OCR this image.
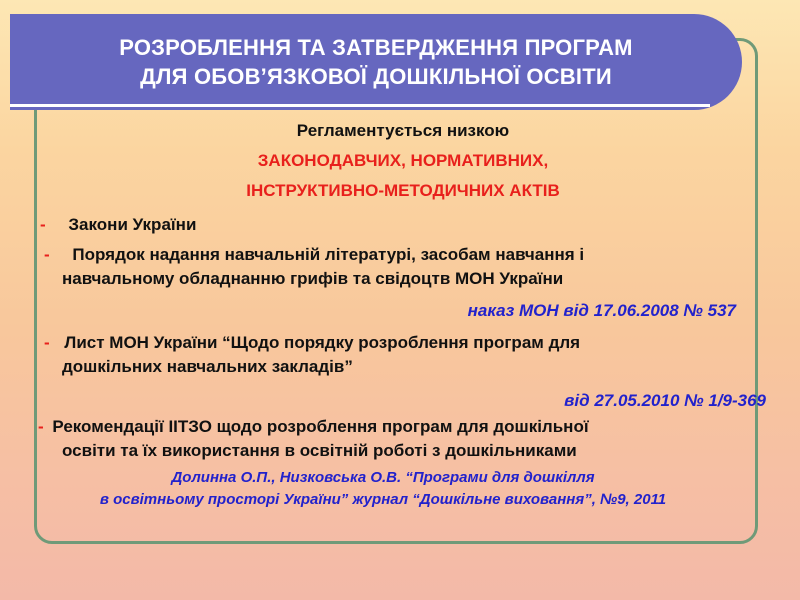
РОЗРОБЛЕННЯ ТА ЗАТВЕРДЖЕННЯ ПРОГРАМ
ДЛЯ ОБОВ’ЯЗКОВОЇ ДОШКІЛЬНОЇ ОСВІТИ
Регламентується низкою
ЗАКОНОДАВЧИХ, НОРМАТИВНИХ,
ІНСТРУКТИВНО-МЕТОДИЧНИХ АКТІВ
- Закони України
- Порядок надання навчальній літературі, засобам навчання і
навчальному обладнанню грифів та свідоцтв МОН України
наказ МОН від 17.06.2008 № 537
- Лист МОН України “Щодо порядку розроблення програм для
дошкільних навчальних закладів”
від 27.05.2010 № 1/9-369
- Рекомендації ІІТЗО щодо розроблення програм для дошкільної
освіти та їх використання в освітній роботі з дошкільниками
Долинна О.П., Низковська О.В. “Програми для дошкілля
в освітньому просторі України” журнал “Дошкільне виховання”, №9, 2011
